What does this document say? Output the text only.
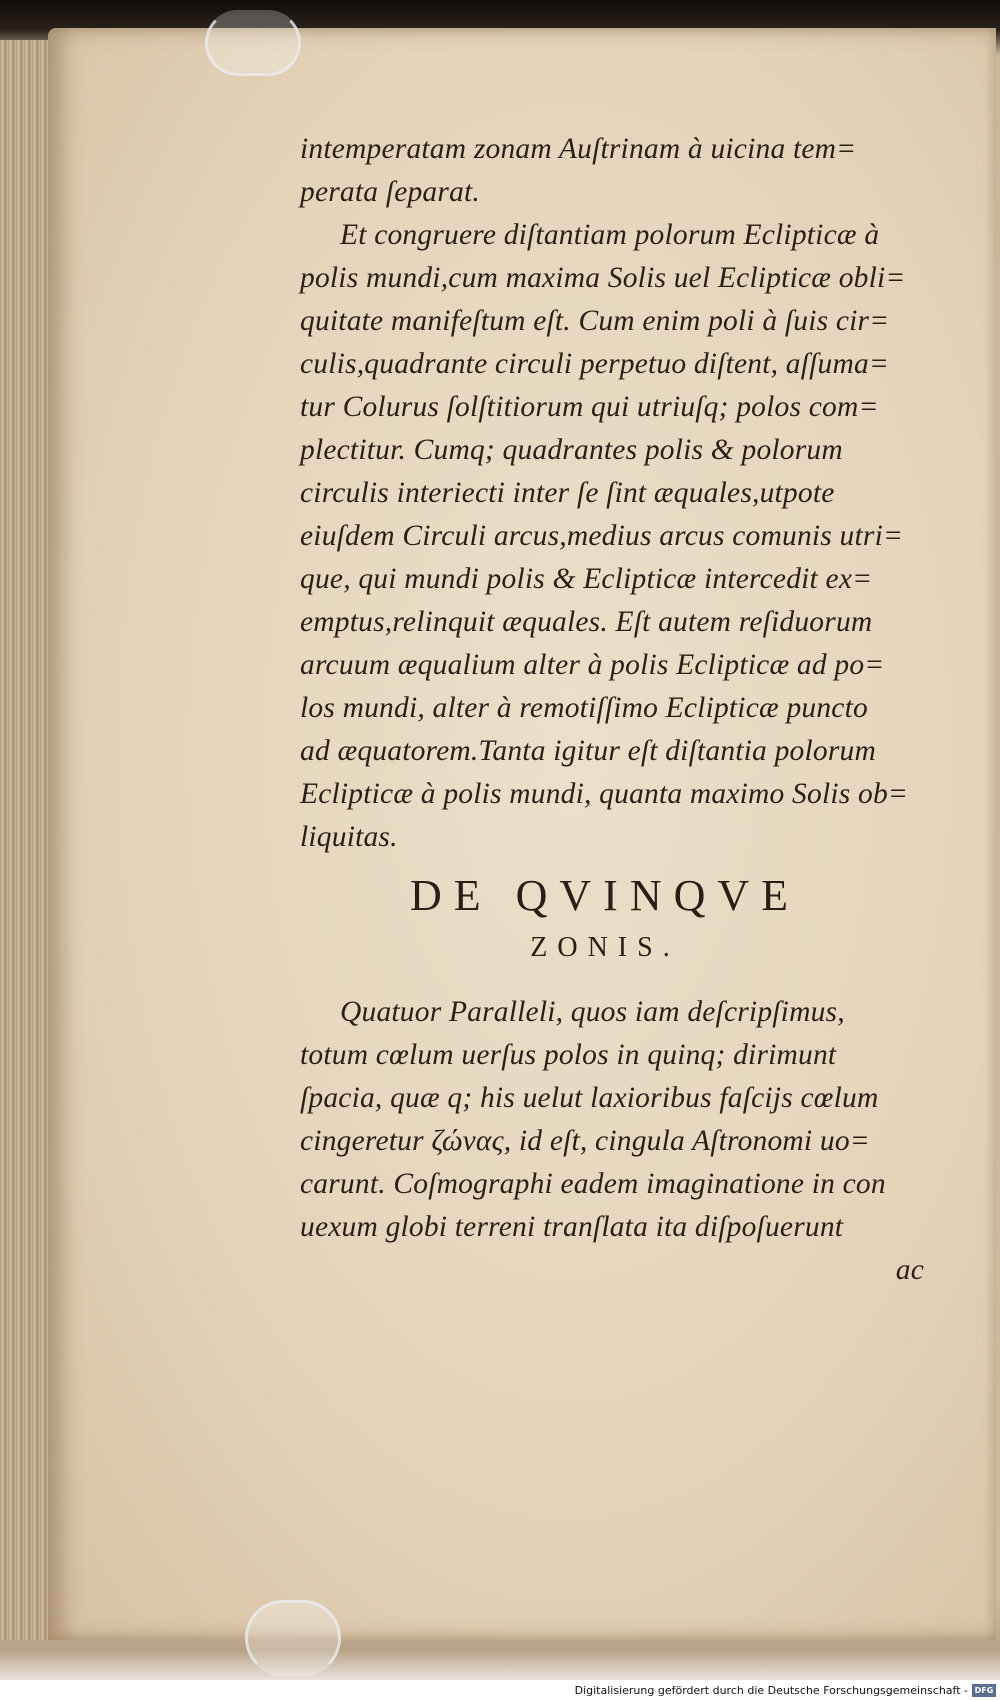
intemperatam zonam Auſtrinam à uicina tem=
perata ſeparat.
Et congruere diſtantiam polorum Eclipticæ à
polis mundi,cum maxima Solis uel Eclipticæ obli=
quitate manifeſtum eſt. Cum enim poli à ſuis cir=
culis,quadrante circuli perpetuo diſtent, aſſuma=
tur Colurus ſolſtitiorum qui utriuſq; polos com=
plectitur. Cumq; quadrantes polis & polorum
circulis interiecti inter ſe ſint æquales,utpote
eiuſdem Circuli arcus,medius arcus comunis utri=
que, qui mundi polis & Eclipticæ intercedit ex=
emptus,relinquit æquales. Eſt autem reſiduorum
arcuum æqualium alter à polis Eclipticæ ad po=
los mundi, alter à remotiſſimo Eclipticæ puncto
ad æquatorem.Tanta igitur eſt diſtantia polorum
Eclipticæ à polis mundi, quanta maximo Solis ob=
liquitas.
DE QVINQVE
ZONIS.
Quatuor Paralleli, quos iam deſcripſimus,
totum cœlum uerſus polos in quinq; dirimunt
ſpacia, quæ q; his uelut laxioribus faſcijs cœlum
cingeretur ζώνας, id eſt, cingula Aſtronomi uo=
carunt. Coſmographi eadem imaginatione in con
uexum globi terreni tranſlata ita diſpoſuerunt
ac
Digitalisierung gefördert durch die Deutsche Forschungsgemeinschaft - DFG
